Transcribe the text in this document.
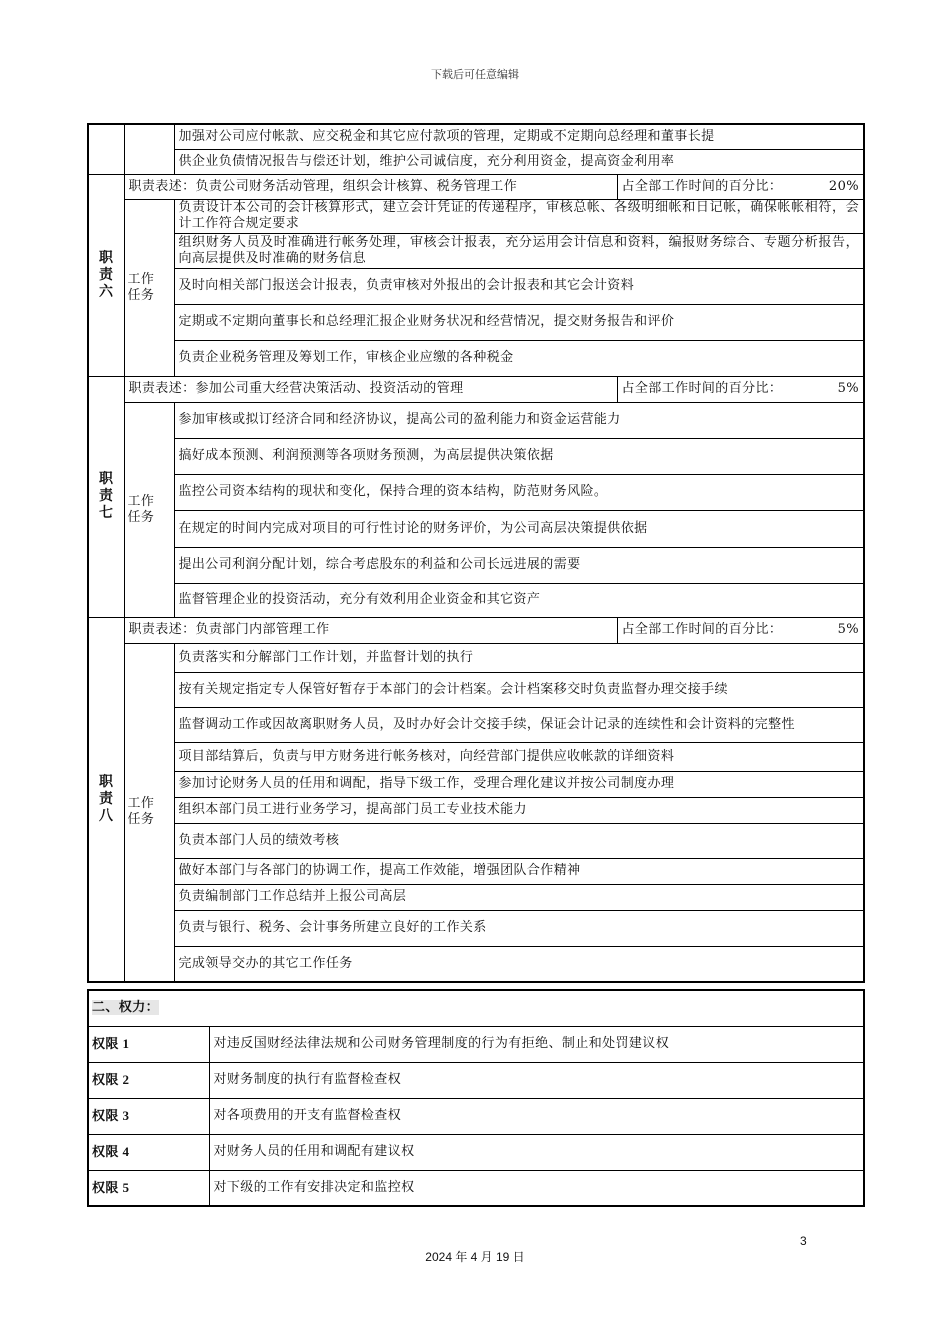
下载后可任意编辑
		加强对公司应付帐款、应交税金和其它应付款项的管理，定期或不定期向总经理和董事长提	
		供企业负债情况报告与偿还计划，维护公司诚信度，充分利用资金，提高资金利用率	

职
责
六	职责表述：负责公司财务活动管理，组织会计核算、税务管理工作		占全部工作时间的百分比： 20%

	工作
任务	负责设计本公司的会计核算形式，建立会计凭证的传递程序，审核总帐、各级明细帐和日记帐，确保帐帐相符，会计工作符合规定要求	
		组织财务人员及时准确进行帐务处理，审核会计报表，充分运用会计信息和资料，编报财务综合、专题分析报告，向高层提供及时准确的财务信息	
		及时向相关部门报送会计报表，负责审核对外报出的会计报表和其它会计资料	
		定期或不定期向董事长和总经理汇报企业财务状况和经营情况，提交财务报告和评价	
		负责企业税务管理及筹划工作，审核企业应缴的各种税金	

职
责
七	职责表述：参加公司重大经营决策活动、投资活动的管理		占全部工作时间的百分比： 5%

	工作
任务	参加审核或拟订经济合同和经济协议，提高公司的盈利能力和资金运营能力	
		搞好成本预测、利润预测等各项财务预测，为高层提供决策依据	
		监控公司资本结构的现状和变化，保持合理的资本结构，防范财务风险。	
		在规定的时间内完成对项目的可行性讨论的财务评价，为公司高层决策提供依据	
		提出公司利润分配计划，综合考虑股东的利益和公司长远进展的需要	
		监督管理企业的投资活动，充分有效利用企业资金和其它资产	

职
责
八	职责表述：负责部门内部管理工作		占全部工作时间的百分比： 5%

	工作
任务	负责落实和分解部门工作计划，并监督计划的执行	
		按有关规定指定专人保管好暂存于本部门的会计档案。会计档案移交时负责监督办理交接手续	
		监督调动工作或因故离职财务人员，及时办好会计交接手续，保证会计记录的连续性和会计资料的完整性	
		项目部结算后，负责与甲方财务进行帐务核对，向经营部门提供应收帐款的详细资料	
		参加讨论财务人员的任用和调配，指导下级工作，受理合理化建议并按公司制度办理	
		组织本部门员工进行业务学习，提高部门员工专业技术能力	
		负责本部门人员的绩效考核	
		做好本部门与各部门的协调工作，提高工作效能，增强团队合作精神	
		负责编制部门工作总结并上报公司高层	
		负责与银行、税务、会计事务所建立良好的工作关系	
		完成领导交办的其它工作任务	
二、权力：	
权限 1	对违反国财经法律法规和公司财务管理制度的行为有拒绝、制止和处罚建议权
权限 2	对财务制度的执行有监督检查权
权限 3	对各项费用的开支有监督检查权
权限 4	对财务人员的任用和调配有建议权
权限 5	对下级的工作有安排决定和监控权
3
2024 年 4 月 19 日
